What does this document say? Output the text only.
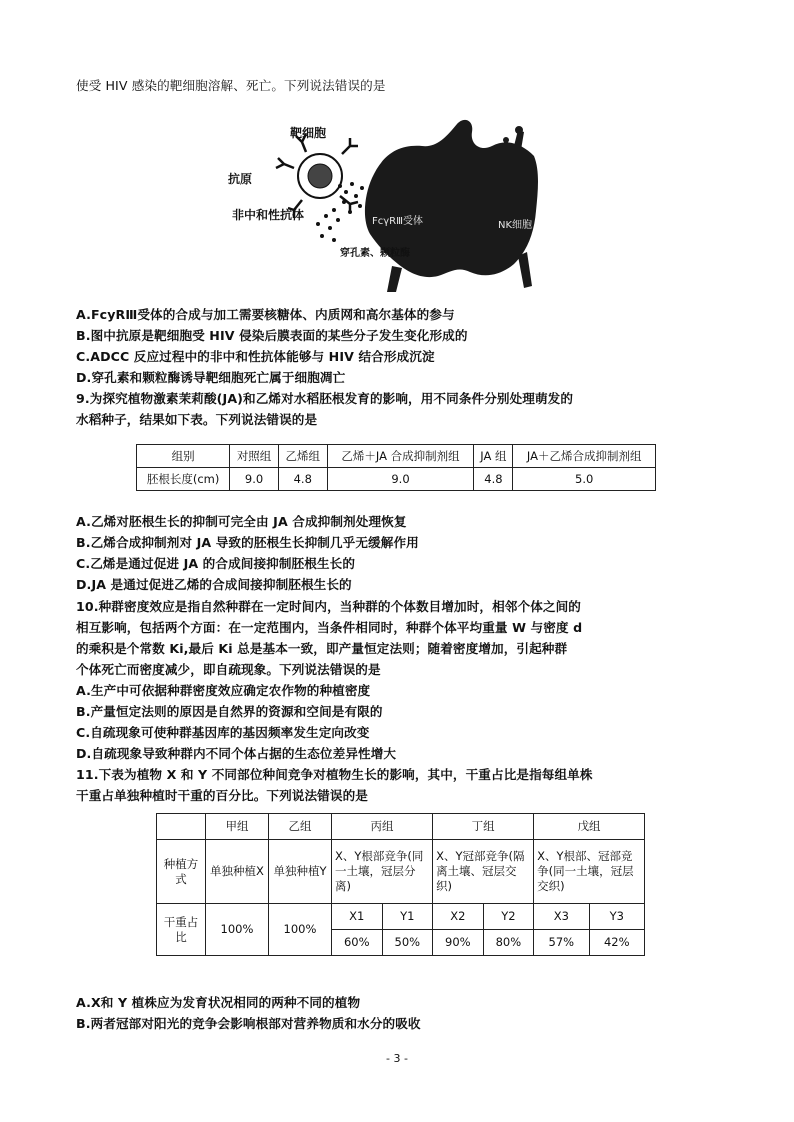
使受 HIV 感染的靶细胞溶解、死亡。下列说法错误的是
靶细胞
抗原
非中和性抗体	FcγRⅢ受体	NK细胞
穿孔素、颗粒酶
A.FcyRⅢ受体的合成与加工需要核糖体、内质网和高尔基体的参与
B.图中抗原是靶细胞受 HIV 侵染后膜表面的某些分子发生变化形成的
C.ADCC 反应过程中的非中和性抗体能够与 HIV 结合形成沉淀
D.穿孔素和颗粒酶诱导靶细胞死亡属于细胞凋亡
9.为探究植物激素茉莉酸(JA)和乙烯对水稻胚根发育的影响，用不同条件分别处理萌发的
水稻种子，结果如下表。下列说法错误的是
组别	对照组	乙烯组	乙烯＋JA 合成抑制剂组	JA 组	JA＋乙烯合成抑制剂组
胚根长度(cm)	9.0	4.8	9.0	4.8	5.0
A.乙烯对胚根生长的抑制可完全由 JA 合成抑制剂处理恢复
B.乙烯合成抑制剂对 JA 导致的胚根生长抑制几乎无缓解作用
C.乙烯是通过促进 JA 的合成间接抑制胚根生长的
D.JA 是通过促进乙烯的合成间接抑制胚根生长的
10.种群密度效应是指自然种群在一定时间内，当种群的个体数目增加时，相邻个体之间的
相互影响，包括两个方面：在一定范围内，当条件相同时，种群个体平均重量 W 与密度 d
的乘积是个常数 Ki,最后 Ki 总是基本一致，即产量恒定法则；随着密度增加，引起种群
个体死亡而密度减少，即自疏现象。下列说法错误的是
A.生产中可依据种群密度效应确定农作物的种植密度
B.产量恒定法则的原因是自然界的资源和空间是有限的
C.自疏现象可使种群基因库的基因频率发生定向改变
D.自疏现象导致种群内不同个体占据的生态位差异性增大
11.下表为植物 X 和 Y 不同部位种间竞争对植物生长的影响，其中，干重占比是指每组单株
干重占单独种植时干重的百分比。下列说法错误的是
	甲组	乙组	丙组		丁组		戊组	
种植方式	单独种植X	单独种植Y	X、Y根部竞争(同一土壤，冠层分离)		X、Y冠部竞争(隔离土壤、冠层交织)		X、Y根部、冠部竞争(同一土壤，冠层交织)	
干重占比	100%	100%	X1	Y1	X2	Y2	X3	Y3
			60%	50%	90%	80%	57%	42%
A.X和 Y 植株应为发育状况相同的两种不同的植物
B.两者冠部对阳光的竞争会影响根部对营养物质和水分的吸收
- 3 -
